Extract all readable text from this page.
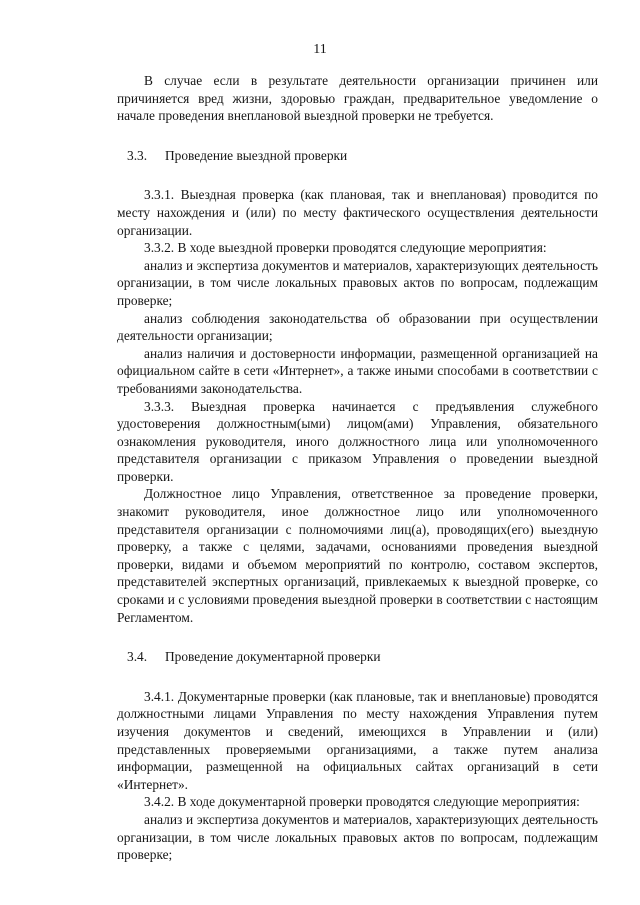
11

В случае если в результате деятельности организации причинен или причиняется вред жизни, здоровью граждан, предварительное уведомление о начале проведения внеплановой выездной проверки не требуется.

3.3. Проведение выездной проверки

3.3.1. Выездная проверка (как плановая, так и внеплановая) проводится по месту нахождения и (или) по месту фактического осуществления деятельности организации.

3.3.2. В ходе выездной проверки проводятся следующие мероприятия:

анализ и экспертиза документов и материалов, характеризующих деятельность организации, в том числе локальных правовых актов по вопросам, подлежащим проверке;

анализ соблюдения законодательства об образовании при осуществлении деятельности организации;

анализ наличия и достоверности информации, размещенной организацией на официальном сайте в сети «Интернет», а также иными способами в соответствии с требованиями законодательства.

3.3.3. Выездная проверка начинается с предъявления служебного удостоверения должностным(ыми) лицом(ами) Управления, обязательного ознакомления руководителя, иного должностного лица или уполномоченного представителя организации с приказом Управления о проведении выездной проверки.

Должностное лицо Управления, ответственное за проведение проверки, знакомит руководителя, иное должностное лицо или уполномоченного представителя организации с полномочиями лиц(а), проводящих(его) выездную проверку, а также с целями, задачами, основаниями проведения выездной проверки, видами и объемом мероприятий по контролю, составом экспертов, представителей экспертных организаций, привлекаемых к выездной проверке, со сроками и с условиями проведения выездной проверки в соответствии с настоящим Регламентом.

3.4. Проведение документарной проверки

3.4.1. Документарные проверки (как плановые, так и внеплановые) проводятся должностными лицами Управления по месту нахождения Управления путем изучения документов и сведений, имеющихся в Управлении и (или) представленных проверяемыми организациями, а также путем анализа информации, размещенной на официальных сайтах организаций в сети «Интернет».

3.4.2. В ходе документарной проверки проводятся следующие мероприятия:

анализ и экспертиза документов и материалов, характеризующих деятельность организации, в том числе локальных правовых актов по вопросам, подлежащим проверке;
